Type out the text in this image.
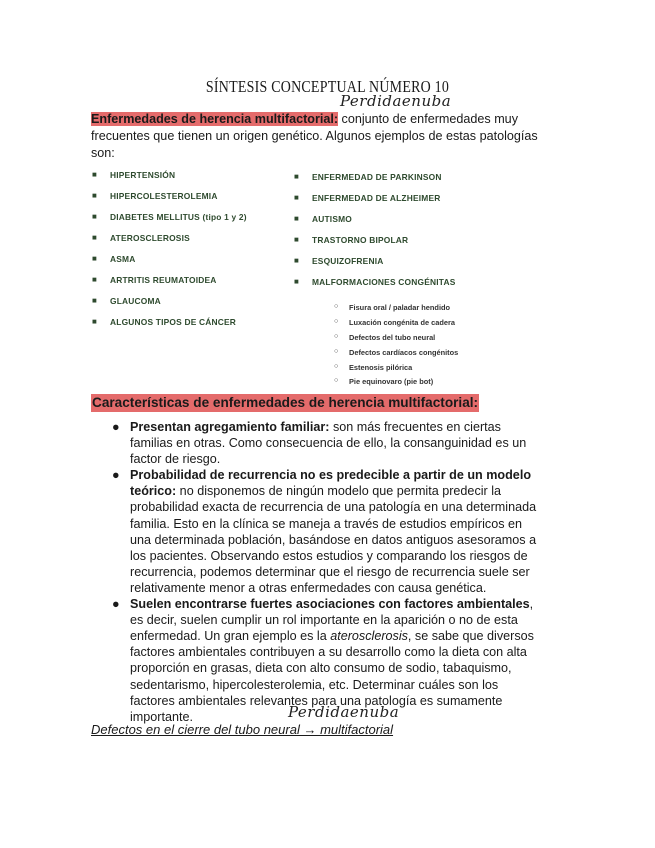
SÍNTESIS CONCEPTUAL NÚMERO 10
Perdidaenuba

Enfermedades de herencia multifactorial: conjunto de enfermedades muy frecuentes que tienen un origen genético. Algunos ejemplos de estas patologías son:

■ HIPERTENSIÓN
■ HIPERCOLESTEROLEMIA
■ DIABETES MELLITUS (tipo 1 y 2)
■ ATEROSCLEROSIS
■ ASMA
■ ARTRITIS REUMATOIDEA
■ GLAUCOMA
■ ALGUNOS TIPOS DE CÁNCER
■ ENFERMEDAD DE PARKINSON
■ ENFERMEDAD DE ALZHEIMER
■ AUTISMO
■ TRASTORNO BIPOLAR
■ ESQUIZOFRENIA
■ MALFORMACIONES CONGÉNITAS
○ Fisura oral / paladar hendido
○ Luxación congénita de cadera
○ Defectos del tubo neural
○ Defectos cardíacos congénitos
○ Estenosis pilórica
○ Pie equinovaro (pie bot)
Características de enfermedades de herencia multifactorial:
● Presentan agregamiento familiar: son más frecuentes en ciertas familias en otras. Como consecuencia de ello, la consanguinidad es un factor de riesgo.
● Probabilidad de recurrencia no es predecible a partir de un modelo teórico: no disponemos de ningún modelo que permita predecir la probabilidad exacta de recurrencia de una patología en una determinada familia. Esto en la clínica se maneja a través de estudios empíricos en una determinada población, basándose en datos antiguos asesoramos a los pacientes. Observando estos estudios y comparando los riesgos de recurrencia, podemos determinar que el riesgo de recurrencia suele ser relativamente menor a otras enfermedades con causa genética.
● Suelen encontrarse fuertes asociaciones con factores ambientales, es decir, suelen cumplir un rol importante en la aparición o no de esta enfermedad. Un gran ejemplo es la aterosclerosis, se sabe que diversos factores ambientales contribuyen a su desarrollo como la dieta con alta proporción en grasas, dieta con alto consumo de sodio, tabaquismo, sedentarismo, hipercolesterolemia, etc. Determinar cuáles son los factores ambientales relevantes para una patología es sumamente importante.	Perdidaenuba
Defectos en el cierre del tubo neural → multifactorial
